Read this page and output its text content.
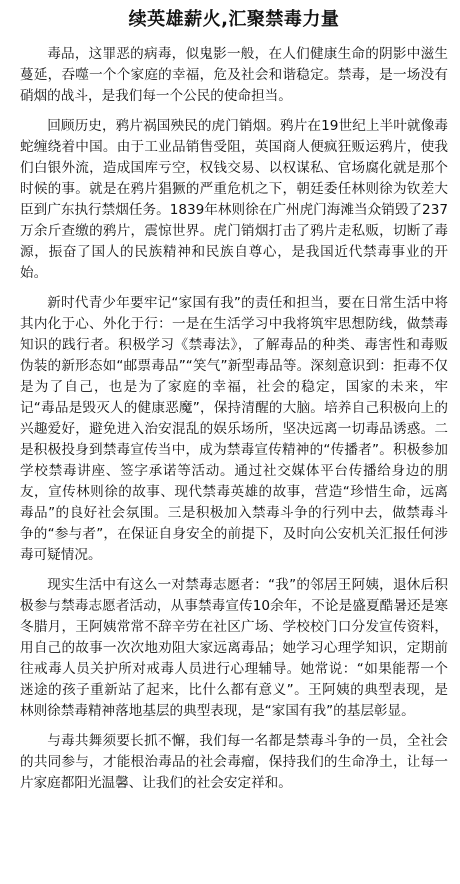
续英雄薪火,汇聚禁毒力量

毒品，这罪恶的病毒，似鬼影一般，在人们健康生命的阴影中滋生蔓延，吞噬一个个家庭的幸福，危及社会和谐稳定。禁毒，是一场没有硝烟的战斗，是我们每一个公民的使命担当。

回顾历史，鸦片祸国殃民的虎门销烟。鸦片在19世纪上半叶就像毒蛇缠绕着中国。由于工业品销售受阻，英国商人便疯狂贩运鸦片，使我们白银外流，造成国库亏空，权钱交易、以权谋私、官场腐化就是那个时候的事。就是在鸦片猖獗的严重危机之下，朝廷委任林则徐为钦差大臣到广东执行禁烟任务。1839年林则徐在广州虎门海滩当众销毁了237万余斤查缴的鸦片，震惊世界。虎门销烟打击了鸦片走私贩，切断了毒源，振奋了国人的民族精神和民族自尊心，是我国近代禁毒事业的开始。

新时代青少年要牢记“家国有我”的责任和担当，要在日常生活中将其内化于心、外化于行：一是在生活学习中我将筑牢思想防线，做禁毒知识的践行者。积极学习《禁毒法》，了解毒品的种类、毒害性和毒贩伪装的新形态如“邮票毒品”“笑气”新型毒品等。深刻意识到：拒毒不仅是为了自己，也是为了家庭的幸福，社会的稳定，国家的未来，牢记“毒品是毁灭人的健康恶魔”，保持清醒的大脑。培养自己积极向上的兴趣爱好，避免进入治安混乱的娱乐场所，坚决远离一切毒品诱惑。二是积极投身到禁毒宣传当中，成为禁毒宣传精神的“传播者”。积极参加学校禁毒讲座、签字承诺等活动。通过社交媒体平台传播给身边的朋友，宣传林则徐的故事、现代禁毒英雄的故事，营造“珍惜生命，远离毒品”的良好社会氛围。三是积极加入禁毒斗争的行列中去，做禁毒斗争的“参与者”，在保证自身安全的前提下，及时向公安机关汇报任何涉毒可疑情况。

现实生活中有这么一对禁毒志愿者：“我”的邻居王阿姨，退休后积极参与禁毒志愿者活动，从事禁毒宣传10余年，不论是盛夏酷暑还是寒冬腊月，王阿姨常常不辞辛劳在社区广场、学校校门口分发宣传资料，用自己的故事一次次地劝阻大家远离毒品；她学习心理学知识，定期前往戒毒人员关护所对戒毒人员进行心理辅导。她常说：“如果能帮一个迷途的孩子重新站了起来，比什么都有意义”。王阿姨的典型表现，是林则徐禁毒精神落地基层的典型表现，是“家国有我”的基层彰显。

与毒共舞须要长抓不懈，我们每一名都是禁毒斗争的一员，全社会的共同参与，才能根治毒品的社会毒瘤，保持我们的生命净土，让每一片家庭都阳光温馨、让我们的社会安定祥和。
